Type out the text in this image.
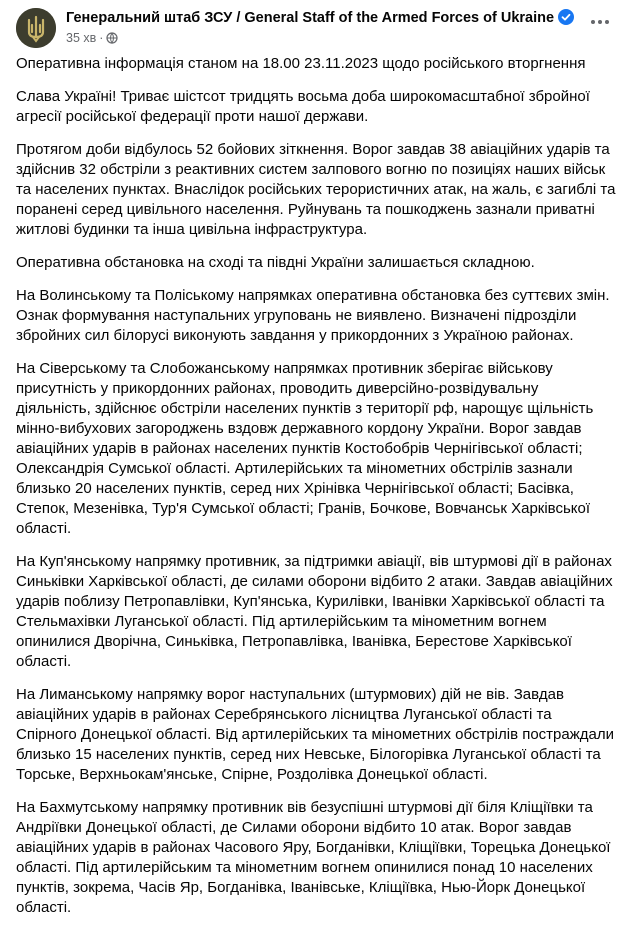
Генеральний штаб ЗСУ / General Staff of the Armed Forces of Ukraine
35 хв ·

Оперативна інформація станом на 18.00 23.11.2023 щодо російського вторгнення

Слава Україні! Триває шістсот тридцять восьма доба широкомасштабної збройної агресії російської федерації проти нашої держави.

Протягом доби відбулось 52 бойових зіткнення. Ворог завдав 38 авіаційних ударів та здійснив 32 обстріли з реактивних систем залпового вогню по позиціях наших військ та населених пунктах. Внаслідок російських терористичних атак, на жаль, є загиблі та поранені серед цивільного населення. Руйнувань та пошкоджень зазнали приватні житлові будинки та інша цивільна інфраструктура.

Оперативна обстановка на сході та півдні України залишається складною.

На Волинському та Поліському напрямках оперативна обстановка без суттєвих змін. Ознак формування наступальних угруповань не виявлено. Визначені підрозділи збройних сил білорусі виконують завдання у прикордонних з Україною районах.

На Сіверському та Слобожанському напрямках противник зберігає військову присутність у прикордонних районах, проводить диверсійно-розвідувальну діяльність, здійснює обстріли населених пунктів з території рф, нарощує щільність мінно-вибухових загороджень вздовж державного кордону України. Ворог завдав авіаційних ударів в районах населених пунктів Костобобрів Чернігівської області; Олександрія Сумської області. Артилерійських та мінометних обстрілів зазнали близько 20 населених пунктів, серед них Хрінівка Чернігівської області; Басівка, Степок, Мезенівка, Тур'я Сумської області; Гранів, Бочкове, Вовчанськ Харківської області.

На Куп'янському напрямку противник, за підтримки авіації, вів штурмові дії в районах Синьківки Харківської області, де силами оборони відбито 2 атаки. Завдав авіаційних ударів поблизу Петропавлівки, Куп'янська, Курилівки, Іванівки Харківської області та Стельмахівки Луганської області. Під артилерійським та мінометним вогнем опинилися Дворічна, Синьківка, Петропавлівка, Іванівка, Берестове Харківської області.

На Лиманському напрямку ворог наступальних (штурмових) дій не вів. Завдав авіаційних ударів в районах Серебрянського лісництва Луганської області та Спірного Донецької області. Від артилерійських та мінометних обстрілів постраждали близько 15 населених пунктів, серед них Невське, Білогорівка Луганської області та Торське, Верхньокам'янське, Спірне, Роздолівка Донецької області.

На Бахмутському напрямку противник вів безуспішні штурмові дії біля Кліщіївки та Андріївки Донецької області, де Силами оборони відбито 10 атак. Ворог завдав авіаційних ударів в районах Часового Яру, Богданівки, Кліщіївки, Торецька Донецької області. Під артилерійським та мінометним вогнем опинилися понад 10 населених пунктів, зокрема, Часів Яр, Богданівка, Іванівське, Кліщіївка, Нью-Йорк Донецької області.
